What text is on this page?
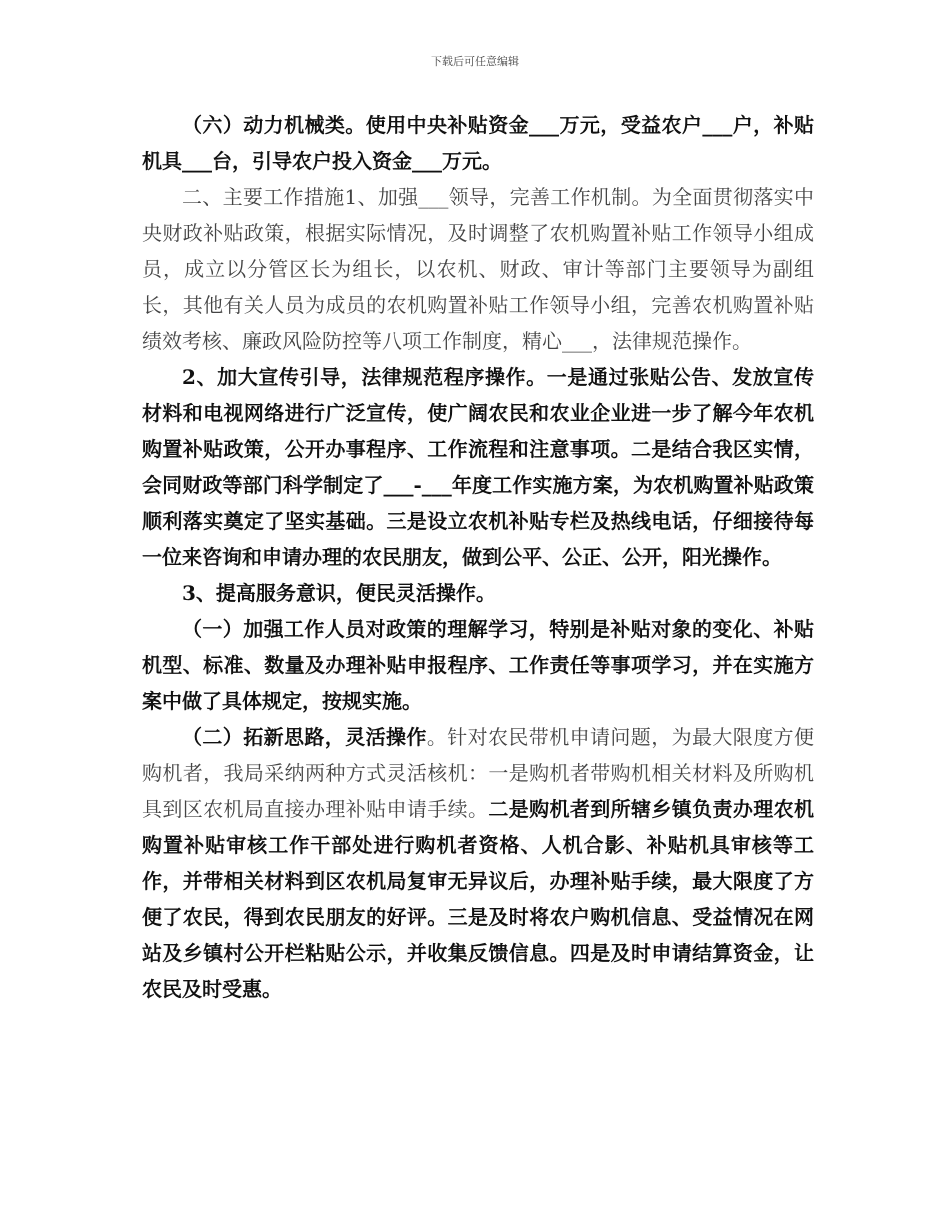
下载后可任意编辑

（六）动力机械类。使用中央补贴资金___万元，受益农户___户，补贴机具___台，引导农户投入资金___万元。

二、主要工作措施1、加强___领导，完善工作机制。为全面贯彻落实中央财政补贴政策，根据实际情况，及时调整了农机购置补贴工作领导小组成员，成立以分管区长为组长，以农机、财政、审计等部门主要领导为副组长，其他有关人员为成员的农机购置补贴工作领导小组，完善农机购置补贴绩效考核、廉政风险防控等八项工作制度，精心___，法律规范操作。

2、加大宣传引导，法律规范程序操作。一是通过张贴公告、发放宣传材料和电视网络进行广泛宣传，使广阔农民和农业企业进一步了解今年农机购置补贴政策，公开办事程序、工作流程和注意事项。二是结合我区实情，会同财政等部门科学制定了___-___年度工作实施方案，为农机购置补贴政策顺利落实奠定了坚实基础。三是设立农机补贴专栏及热线电话，仔细接待每一位来咨询和申请办理的农民朋友，做到公平、公正、公开，阳光操作。

3、提高服务意识，便民灵活操作。

（一）加强工作人员对政策的理解学习，特别是补贴对象的变化、补贴机型、标准、数量及办理补贴申报程序、工作责任等事项学习，并在实施方案中做了具体规定，按规实施。

（二）拓新思路，灵活操作。针对农民带机申请问题，为最大限度方便购机者，我局采纳两种方式灵活核机：一是购机者带购机相关材料及所购机具到区农机局直接办理补贴申请手续。二是购机者到所辖乡镇负责办理农机购置补贴审核工作干部处进行购机者资格、人机合影、补贴机具审核等工作，并带相关材料到区农机局复审无异议后，办理补贴手续，最大限度了方便了农民，得到农民朋友的好评。三是及时将农户购机信息、受益情况在网站及乡镇村公开栏粘贴公示，并收集反馈信息。四是及时申请结算资金，让农民及时受惠。
